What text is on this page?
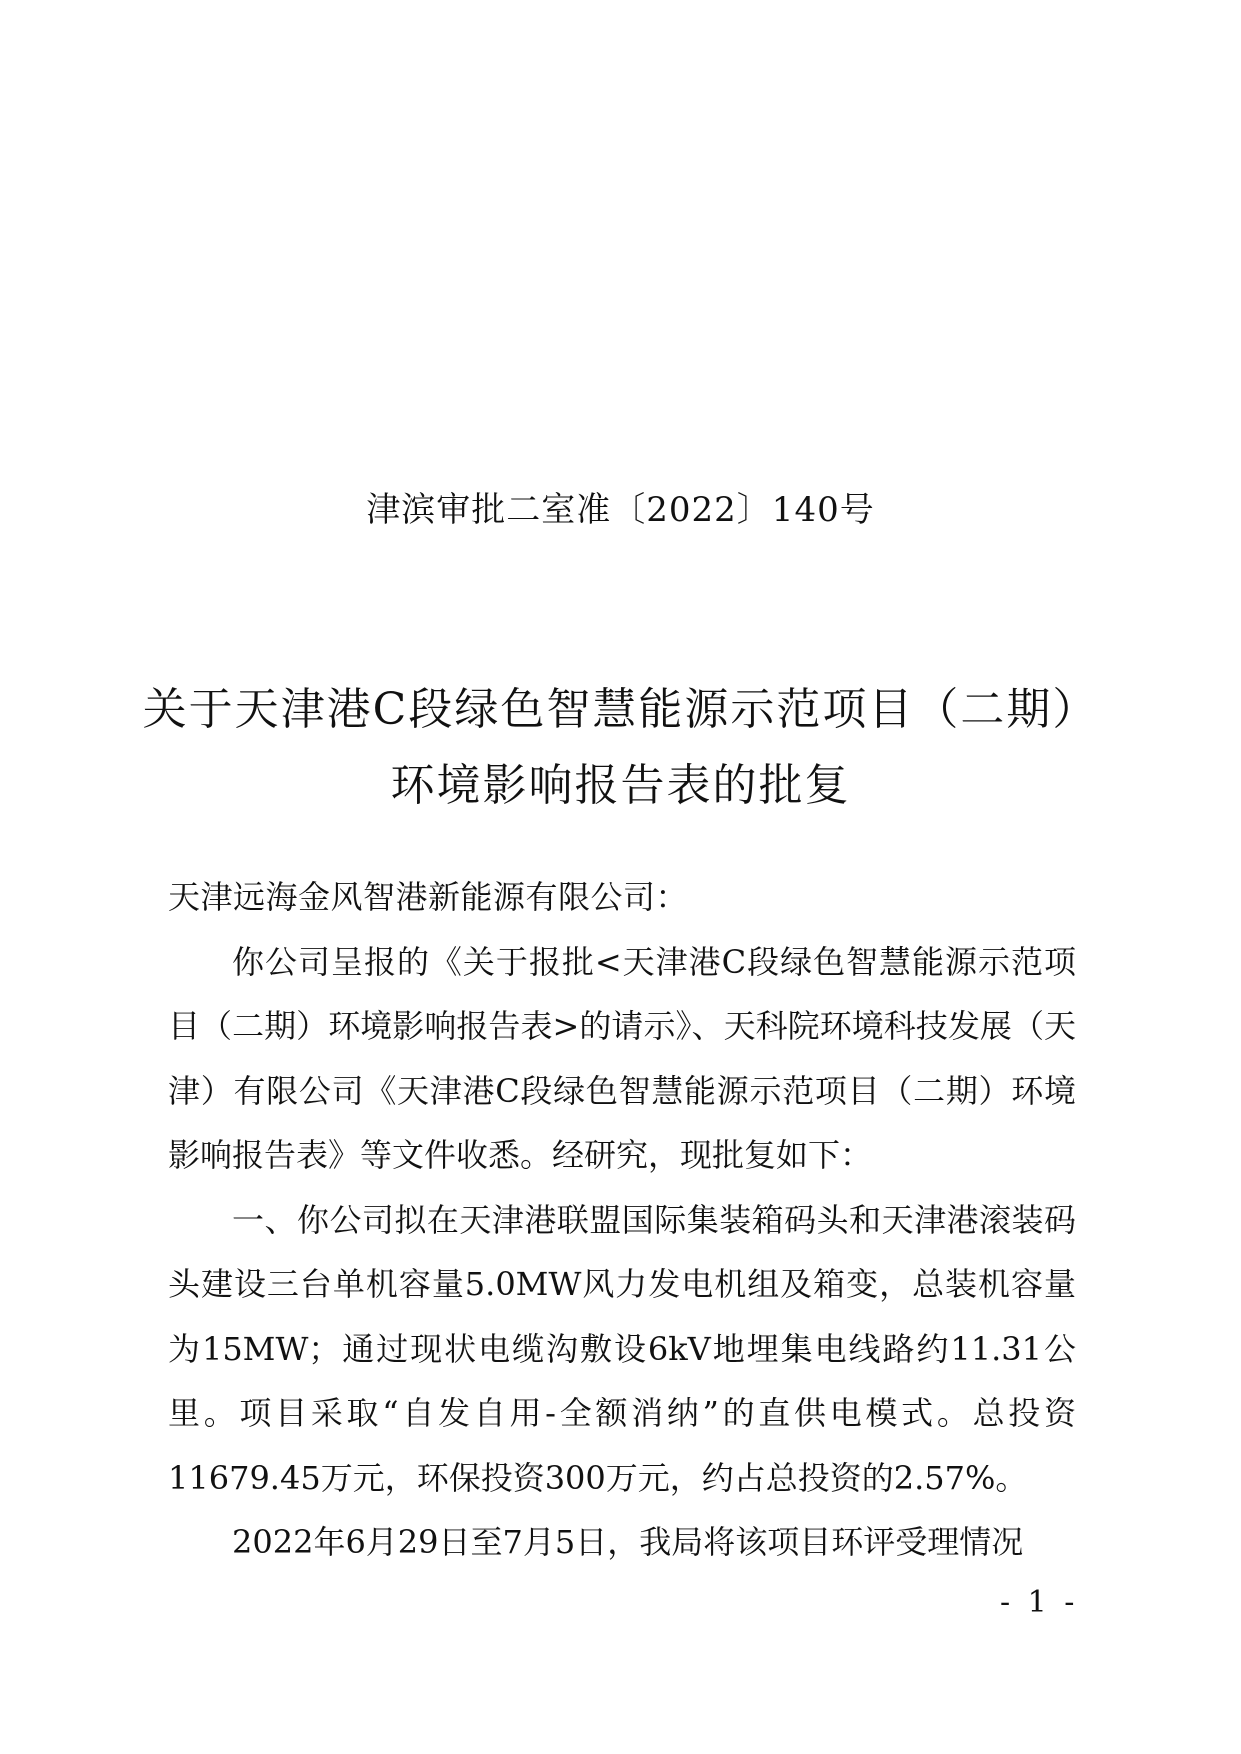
津滨审批二室准〔2022〕140号
关于天津港C段绿色智慧能源示范项目（二期）
环境影响报告表的批复

天津远海金风智港新能源有限公司：

你公司呈报的《关于报批<天津港C段绿色智慧能源示范项目（二期）环境影响报告表>的请示》、天科院环境科技发展（天津）有限公司《天津港C段绿色智慧能源示范项目（二期）环境影响报告表》等文件收悉。经研究，现批复如下：

一、你公司拟在天津港联盟国际集装箱码头和天津港滚装码头建设三台单机容量5.0MW风力发电机组及箱变，总装机容量为15MW；通过现状电缆沟敷设6kV地埋集电线路约11.31公里。项目采取“自发自用-全额消纳”的直供电模式。总投资11679.45万元，环保投资300万元，约占总投资的2.57%。

2022年6月29日至7月5日，我局将该项目环评受理情况

- 1 -
